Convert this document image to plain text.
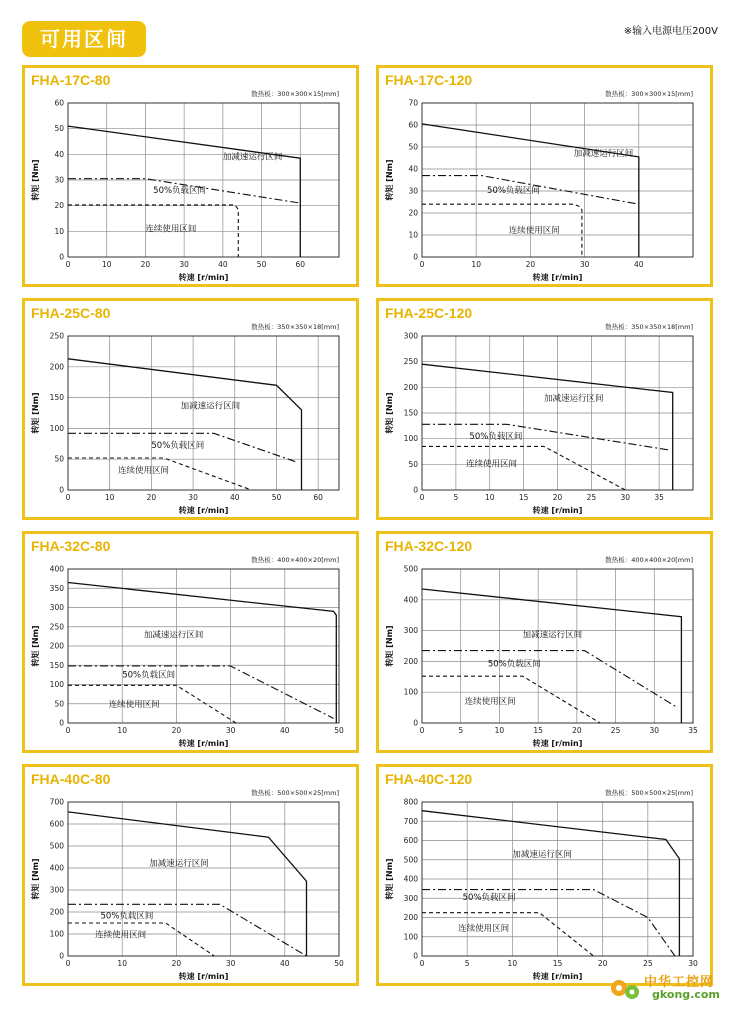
可用区间	※输入电源电压200V
FHA-17C-80
散热板：300×300×15[mm]
0	10	20	30	40	50	60
0
10
20
30
40
50
60
转速 [r/min]
转矩 [Nm]
加减速运行区间
50%负载区间
连续使用区间
FHA-17C-120
散热板：300×300×15[mm]
0	10	20	30	40
0
10
20
30
40
50
60
70
转速 [r/min]
转矩 [Nm]
加减速运行区间
50%负载区间
连续使用区间
FHA-25C-80
散热板：350×350×18[mm]
0	10	20	30	40	50	60
0
50
100
150
200
250
转速 [r/min]
转矩 [Nm]	加减速运行区间
50%负载区间
连续使用区间
FHA-25C-120
散热板：350×350×18[mm]
0	5	10	15	20	25	30	35
0
50
100
150
200
250
300
转速 [r/min]
转矩 [Nm]	加减速运行区间
50%负载区间
连续使用区间
FHA-32C-80
散热板：400×400×20[mm]
0	10	20	30	40	50
0
50
100
150
200
250
300
350
400
转速 [r/min]
转矩 [Nm]	加减速运行区间
50%负载区间
连续使用区间
FHA-32C-120
散热板：400×400×20[mm]
0	5	10	15	20	25	30	35
0
100
200
300
400
500
转速 [r/min]
转矩 [Nm]	加减速运行区间
50%负载区间
连续使用区间
FHA-40C-80
散热板：500×500×25[mm]
0	10	20	30	40	50
0
100
200
300
400
500
600
700
转速 [r/min]
转矩 [Nm]	加减速运行区间
50%负载区间
连续使用区间
FHA-40C-120
散热板：500×500×25[mm]
0	5	10	15	20	25	30
0
100
200
300
400
500
600
700
800
转速 [r/min]
转矩 [Nm]
加减速运行区间
50%负载区间
连续使用区间
中华工控网
gkong.com
